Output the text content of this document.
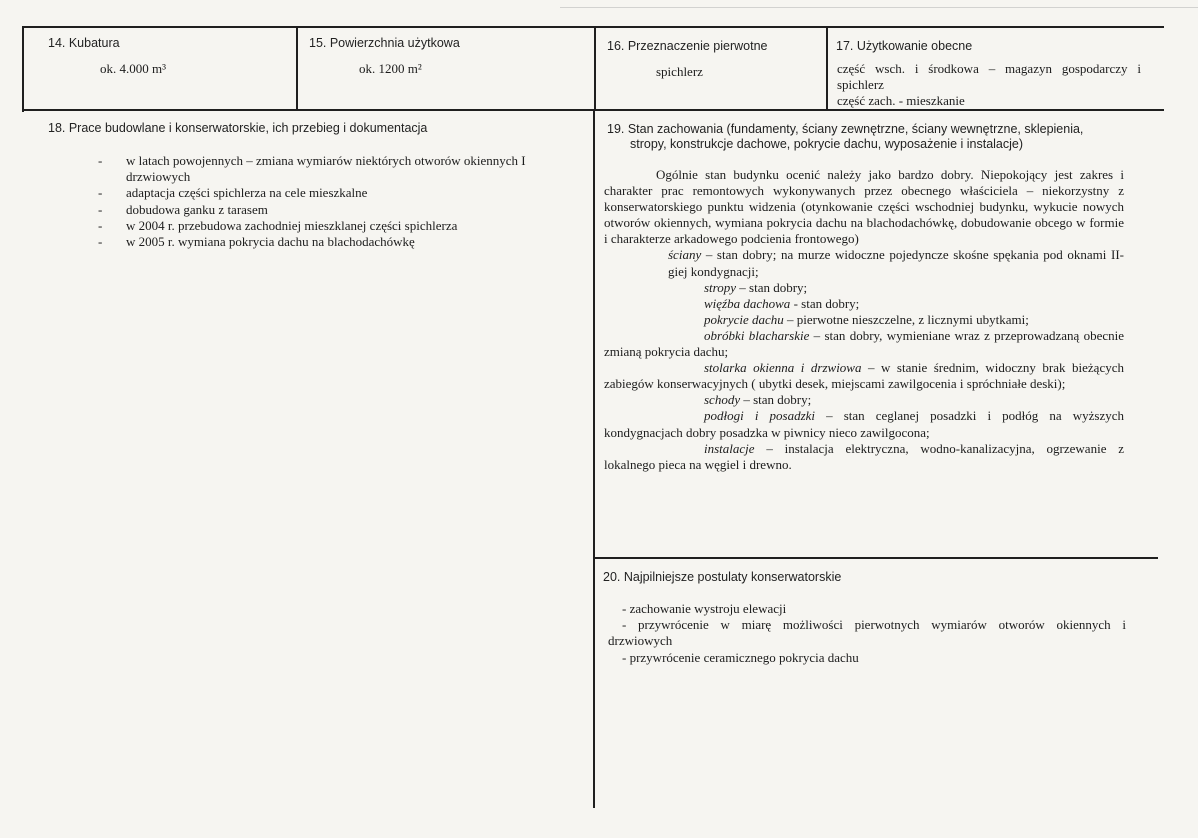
14. Kubatura
ok. 4.000 m³
15. Powierzchnia użytkowa
ok. 1200 m²
16. Przeznaczenie pierwotne
spichlerz
17. Użytkowanie obecne
część wsch. i środkowa – magazyn gospodarczy i
spichlerz
część zach. - mieszkanie
18. Prace budowlane i konserwatorskie, ich przebieg i dokumentacja
- w latach powojennych – zmiana wymiarów niektórych otworów okiennych I drzwiowych
- adaptacja części spichlerza na cele mieszkalne
- dobudowa ganku z tarasem
- w 2004 r. przebudowa zachodniej mieszklanej części spichlerza
- w 2005 r. wymiana pokrycia dachu na blachodachówkę
19. Stan zachowania (fundamenty, ściany zewnętrzne, ściany wewnętrzne, sklepienia,
stropy, konstrukcje dachowe, pokrycie dachu, wyposażenie i instalacje)

Ogólnie stan budynku ocenić należy jako bardzo dobry. Niepokojący jest zakres i charakter prac remontowych wykonywanych przez obecnego właściciela – niekorzystny z konserwatorskiego punktu widzenia (otynkowanie części wschodniej budynku, wykucie nowych otworów okiennych, wymiana pokrycia dachu na blachodachówkę, dobudowanie obcego w formie i charakterze arkadowego podcienia frontowego)

ściany – stan dobry; na murze widoczne pojedyncze skośne spękania pod oknami II-giej kondygnacji;

stropy – stan dobry;

więźba dachowa - stan dobry;

pokrycie dachu – pierwotne nieszczelne, z licznymi ubytkami;

obróbki blacharskie – stan dobry, wymieniane wraz z przeprowadzaną obecnie zmianą pokrycia dachu;

stolarka okienna i drzwiowa – w stanie średnim, widoczny brak bieżących zabiegów konserwacyjnych ( ubytki desek, miejscami zawilgocenia i spróchniałe deski);

schody – stan dobry;

podłogi i posadzki – stan ceglanej posadzki i podłóg na wyższych kondygnacjach dobry posadzka w piwnicy nieco zawilgocona;

instalacje – instalacja elektryczna, wodno-kanalizacyjna, ogrzewanie z lokalnego pieca na węgiel i drewno.

20. Najpilniejsze postulaty konserwatorskie

- zachowanie wystroju elewacji

- przywrócenie w miarę możliwości pierwotnych wymiarów otworów okiennych i

drzwiowych

- przywrócenie ceramicznego pokrycia dachu
